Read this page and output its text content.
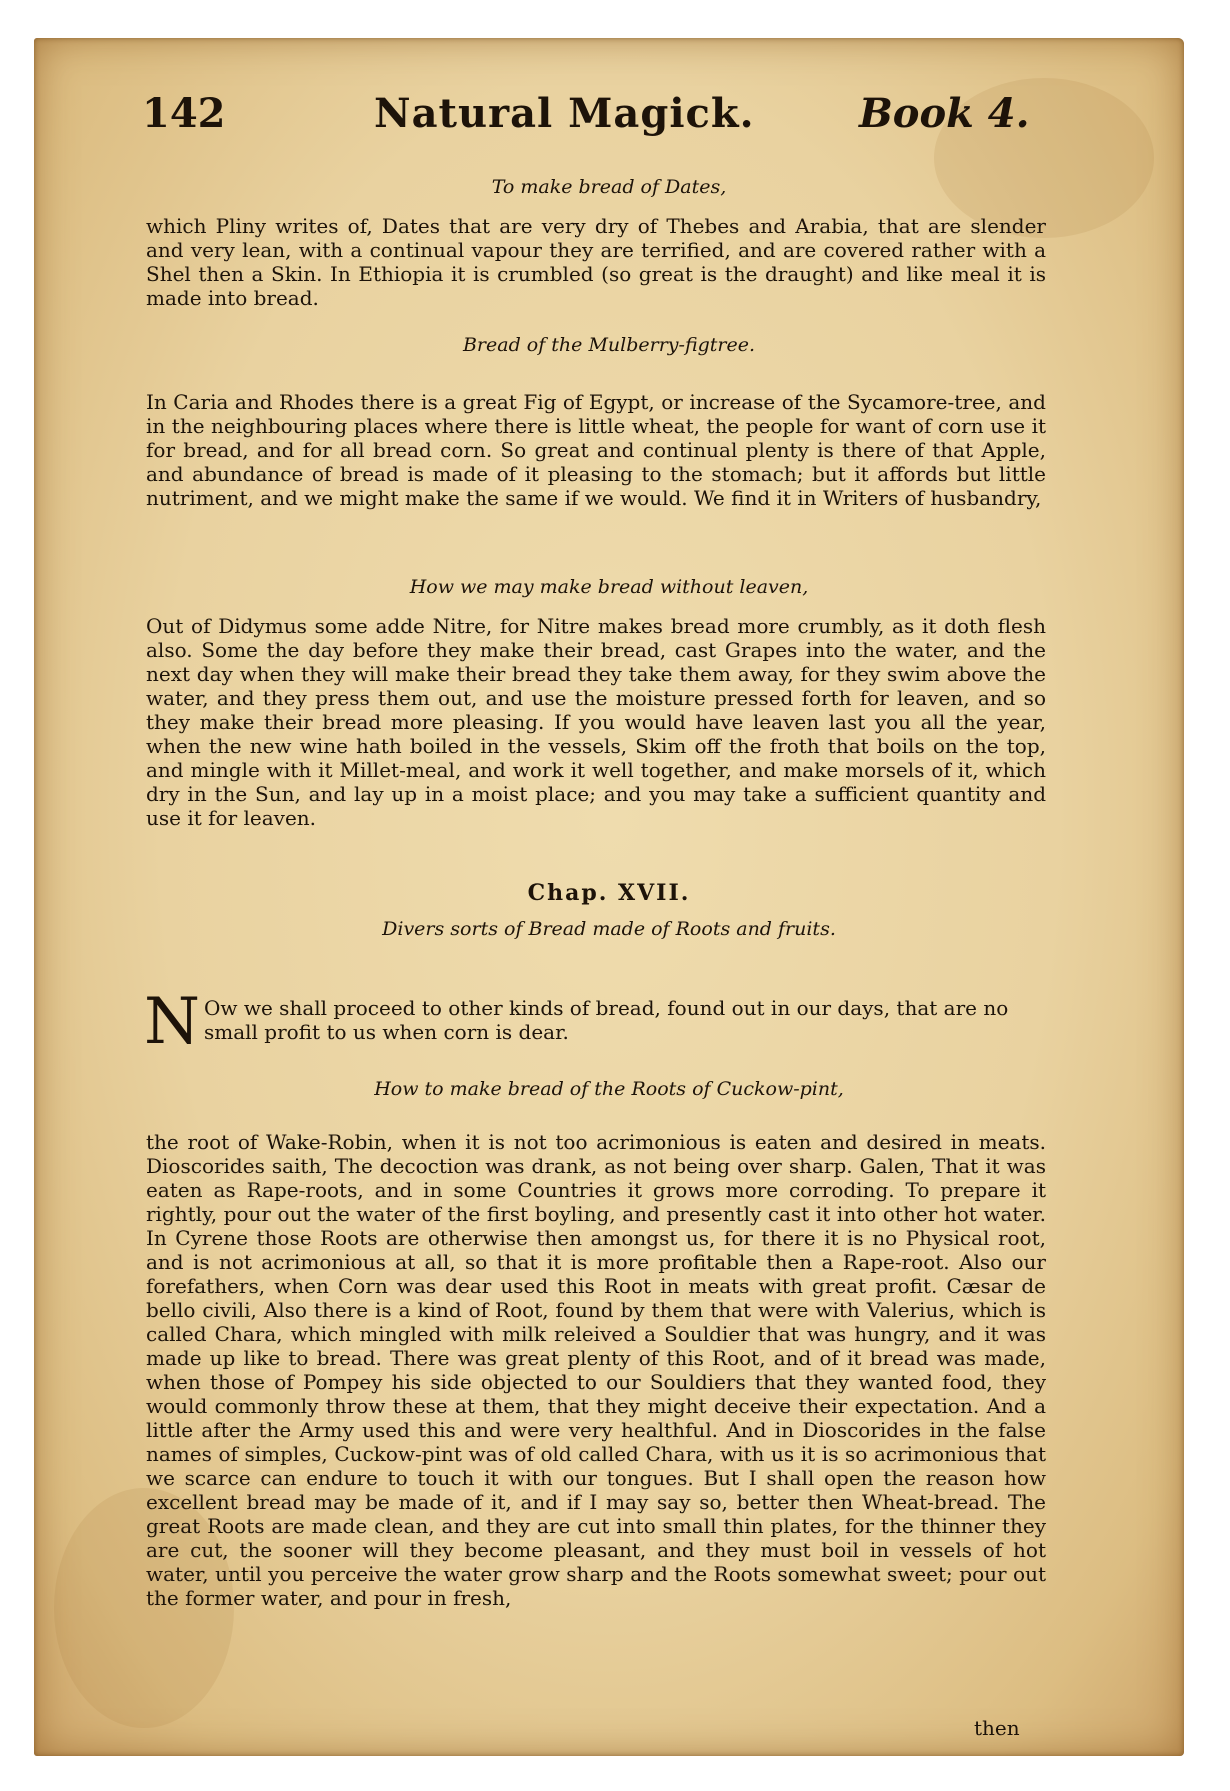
142	Natural Magick.	Book 4.
To make bread of Dates,
which Pliny writes of, Dates that are very dry of Thebes and Arabia, that are slender and very lean, with a continual vapour they are terrified, and are covered rather with a Shel then a Skin. In Ethiopia it is crumbled (so great is the draught) and like meal it is made into bread.
Bread of the Mulberry-figtree.
In Caria and Rhodes there is a great Fig of Egypt, or increase of the Sycamore-tree, and in the neighbouring places where there is little wheat, the people for want of corn use it for bread, and for all bread corn. So great and continual plenty is there of that Apple, and abundance of bread is made of it pleasing to the stomach; but it affords but little nutriment, and we might make the same if we would. We find it in Writers of husbandry,
How we may make bread without leaven,
Out of Didymus some adde Nitre, for Nitre makes bread more crumbly, as it doth flesh also. Some the day before they make their bread, cast Grapes into the water, and the next day when they will make their bread they take them away, for they swim above the water, and they press them out, and use the moisture pressed forth for leaven, and so they make their bread more pleasing. If you would have leaven last you all the year, when the new wine hath boiled in the vessels, Skim off the froth that boils on the top, and mingle with it Millet-meal, and work it well together, and make morsels of it, which dry in the Sun, and lay up in a moist place; and you may take a sufficient quantity and use it for leaven.
Chap. XVII.
Divers sorts of Bread made of Roots and fruits.
N Ow we shall proceed to other kinds of bread, found out in our days, that are no small profit to us when corn is dear.
How to make bread of the Roots of Cuckow-pint,
the root of Wake-Robin, when it is not too acrimonious is eaten and desired in meats. Dioscorides saith, The decoction was drank, as not being over sharp. Galen, That it was eaten as Rape-roots, and in some Countries it grows more corroding. To prepare it rightly, pour out the water of the first boyling, and presently cast it into other hot water. In Cyrene those Roots are otherwise then amongst us, for there it is no Physical root, and is not acrimonious at all, so that it is more profitable then a Rape-root. Also our forefathers, when Corn was dear used this Root in meats with great profit. Cæsar de bello civili, Also there is a kind of Root, found by them that were with Valerius, which is called Chara, which mingled with milk releived a Souldier that was hungry, and it was made up like to bread. There was great plenty of this Root, and of it bread was made, when those of Pompey his side objected to our Souldiers that they wanted food, they would commonly throw these at them, that they might deceive their expectation. And a little after the Army used this and were very healthful. And in Dioscorides in the false names of simples, Cuckow-pint was of old called Chara, with us it is so acrimonious that we scarce can endure to touch it with our tongues. But I shall open the reason how excellent bread may be made of it, and if I may say so, better then Wheat-bread. The great Roots are made clean, and they are cut into small thin plates, for the thinner they are cut, the sooner will they become pleasant, and they must boil in vessels of hot water, until you perceive the water grow sharp and the Roots somewhat sweet; pour out the former water, and pour in fresh,
then
